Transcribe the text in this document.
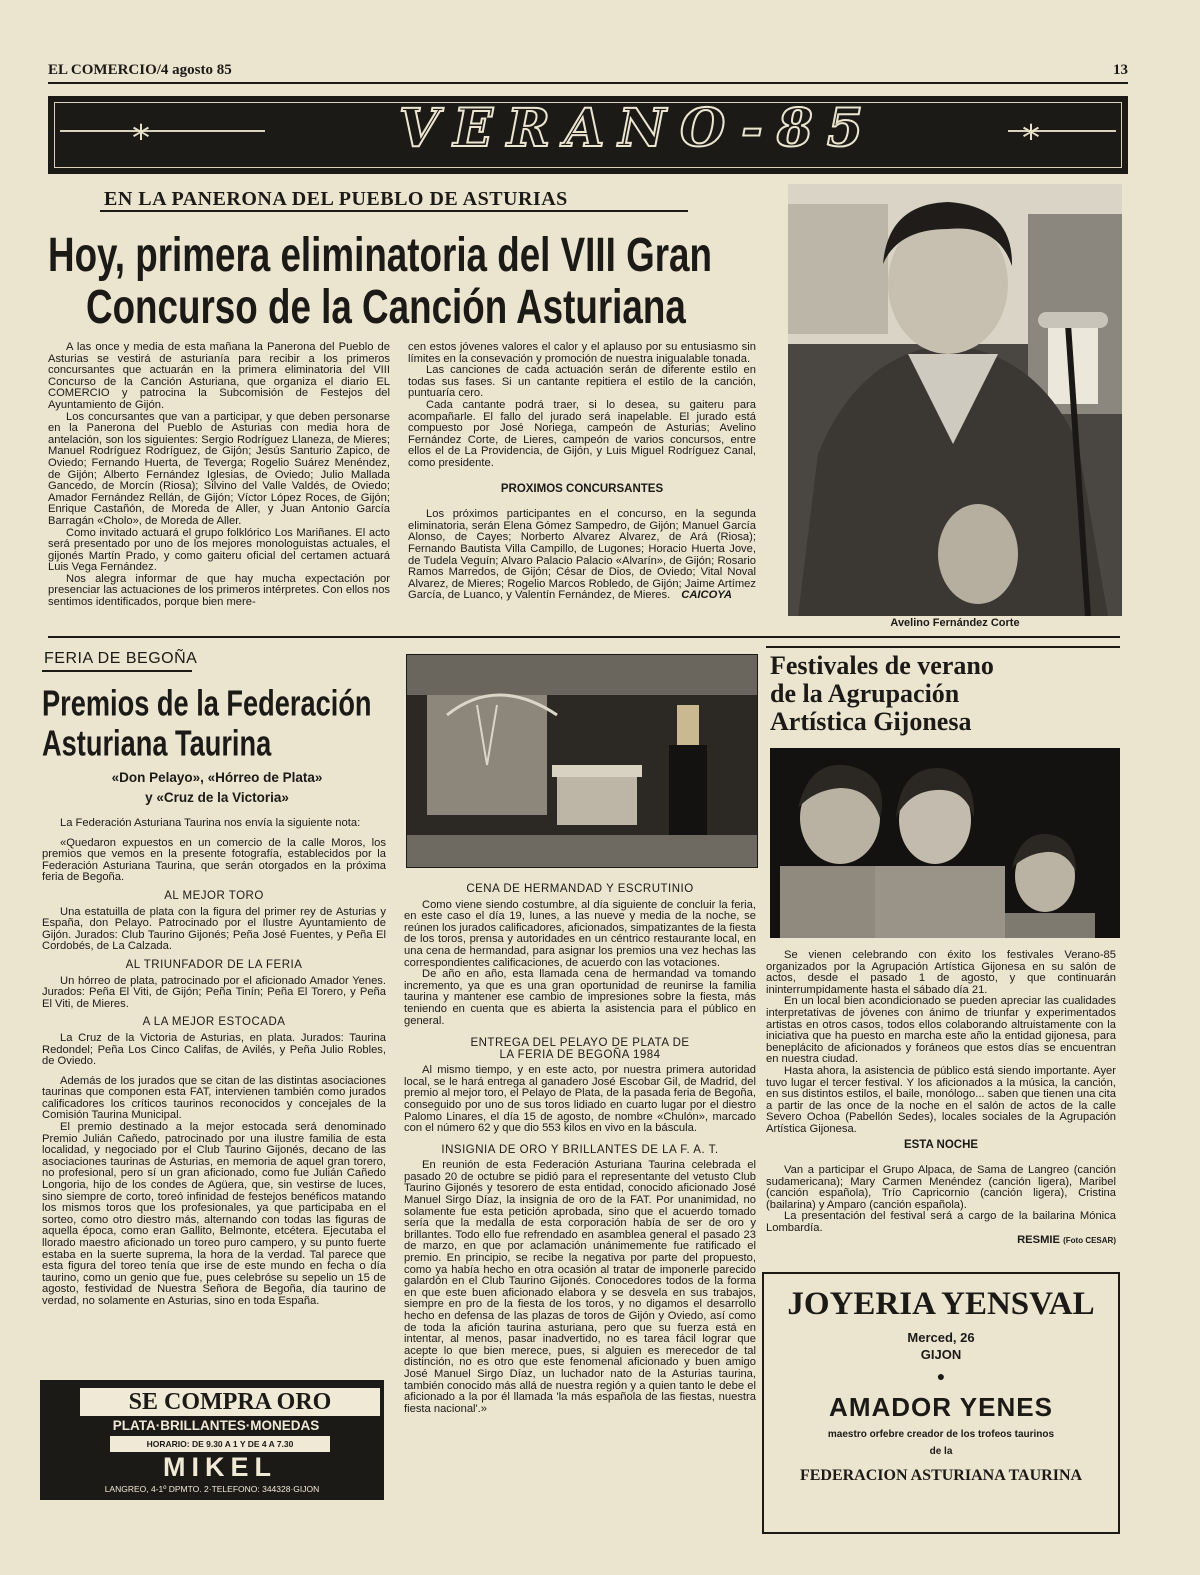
EL COMERCIO/4 agosto 85	13
*	*
VERANO-85
EN LA PANERONA DEL PUEBLO DE ASTURIAS
Hoy, primera eliminatoria del VIII Gran
Concurso de la Canción Asturiana

A las once y media de esta mañana la Panerona del Pueblo de Asturias se vestirá de asturianía para recibir a los primeros concursantes que actuarán en la primera eliminatoria del VIII Concurso de la Canción Asturiana, que organiza el diario EL COMERCIO y patrocina la Subcomisión de Festejos del Ayuntamiento de Gijón.

Los concursantes que van a participar, y que deben personarse en la Panerona del Pueblo de Asturias con media hora de antelación, son los siguientes: Sergio Rodríguez Llaneza, de Mieres; Manuel Rodríguez Rodríguez, de Gijón; Jesús Santurio Zapico, de Oviedo; Fernando Huerta, de Teverga; Rogelio Suárez Menéndez, de Gijón; Alberto Fernández Iglesias, de Oviedo; Julio Mallada Gancedo, de Morcín (Riosa); Silvino del Valle Valdés, de Oviedo; Amador Fernández Rellán, de Gijón; Víctor López Roces, de Gijón; Enrique Castañón, de Moreda de Aller, y Juan Antonio García Barragán «Cholo», de Moreda de Aller.

Como invitado actuará el grupo folklórico Los Mariñanes. El acto será presentado por uno de los mejores monologuistas actuales, el gijonés Martín Prado, y como gaiteru oficial del certamen actuará Luis Vega Fernández.

Nos alegra informar de que hay mucha expectación por presenciar las actuaciones de los primeros intérpretes. Con ellos nos sentimos identificados, porque bien mere-

cen estos jóvenes valores el calor y el aplauso por su entusiasmo sin límites en la consevación y promoción de nuestra inigualable tonada.

Las canciones de cada actuación serán de diferente estilo en todas sus fases. Si un cantante repitiera el estilo de la canción, puntuaría cero.

Cada cantante podrá traer, si lo desea, su gaiteru para acompañarle. El fallo del jurado será inapelable. El jurado está compuesto por José Noriega, campeón de Asturias; Avelino Fernández Corte, de Lieres, campeón de varios concursos, entre ellos el de La Providencia, de Gijón, y Luis Miguel Rodríguez Canal, como presidente.

PROXIMOS CONCURSANTES

Los próximos participantes en el concurso, en la segunda eliminatoria, serán Elena Gómez Sampedro, de Gijón; Manuel García Alonso, de Cayes; Norberto Alvarez Alvarez, de Ará (Riosa); Fernando Bautista Villa Campillo, de Lugones; Horacio Huerta Jove, de Tudela Veguín; Alvaro Palacio Palacio «Alvarín», de Gijón; Rosario Ramos Marredos, de Gijón; César de Dios, de Oviedo; Vital Noval Alvarez, de Mieres; Rogelio Marcos Robledo, de Gijón; Jaime Artímez García, de Luanco, y Valentín Fernández, de Mieres. CAICOYA
Avelino Fernández Corte
FERIA DE BEGOÑA
Premios de la Federación
Asturiana Taurina
«Don Pelayo», «Hórreo de Plata»
y «Cruz de la Victoria»

La Federación Asturiana Taurina nos envía la siguiente nota:

«Quedaron expuestos en un comercio de la calle Moros, los premios que vemos en la presente fotografía, establecidos por la Federación Asturiana Taurina, que serán otorgados en la próxima feria de Begoña.

AL MEJOR TORO

Una estatuilla de plata con la figura del primer rey de Asturias y España, don Pelayo. Patrocinado por el Ilustre Ayuntamiento de Gijón. Jurados: Club Taurino Gijonés; Peña José Fuentes, y Peña El Cordobés, de La Calzada.

AL TRIUNFADOR DE LA FERIA

Un hórreo de plata, patrocinado por el aficionado Amador Yenes. Jurados: Peña El Viti, de Gijón; Peña Tinín; Peña El Torero, y Peña El Viti, de Mieres.

A LA MEJOR ESTOCADA

La Cruz de la Victoria de Asturias, en plata. Jurados: Taurina Redondel; Peña Los Cinco Califas, de Avilés, y Peña Julio Robles, de Oviedo.

Además de los jurados que se citan de las distintas asociaciones taurinas que componen esta FAT, intervienen también como jurados calificadores los críticos taurinos reconocidos y concejales de la Comisión Taurina Municipal.

El premio destinado a la mejor estocada será denominado Premio Julián Cañedo, patrocinado por una ilustre familia de esta localidad, y negociado por el Club Taurino Gijonés, decano de las asociaciones taurinas de Asturias, en memoria de aquel gran torero, no profesional, pero sí un gran aficionado, como fue Julián Cañedo Longoria, hijo de los condes de Agüera, que, sin vestirse de luces, sino siempre de corto, toreó infinidad de festejos benéficos matando los mismos toros que los profesionales, ya que participaba en el sorteo, como otro diestro más, alternando con todas las figuras de aquella época, como eran Gallito, Belmonte, etcétera. Ejecutaba el llorado maestro aficionado un toreo puro campero, y su punto fuerte estaba en la suerte suprema, la hora de la verdad. Tal parece que esta figura del toreo tenía que irse de este mundo en fecha o día taurino, como un genio que fue, pues celebróse su sepelio un 15 de agosto, festividad de Nuestra Señora de Begoña, día taurino de verdad, no solamente en Asturias, sino en toda España.

SE COMPRA ORO
PLATA·BRILLANTES·MONEDAS
HORARIO: DE 9.30 A 1 Y DE 4 A 7.30
MIKEL
LANGREO, 4-1º DPMTO. 2·TELEFONO: 344328·GIJON
CENA DE HERMANDAD Y ESCRUTINIO

Como viene siendo costumbre, al día siguiente de concluir la feria, en este caso el día 19, lunes, a las nueve y media de la noche, se reúnen los jurados calificadores, aficionados, simpatizantes de la fiesta de los toros, prensa y autoridades en un céntrico restaurante local, en una cena de hermandad, para asignar los premios una vez hechas las correspondientes calificaciones, de acuerdo con las votaciones.

De año en año, esta llamada cena de hermandad va tomando incremento, ya que es una gran oportunidad de reunirse la familia taurina y mantener ese cambio de impresiones sobre la fiesta, más teniendo en cuenta que es abierta la asistencia para el público en general.

ENTREGA DEL PELAYO DE PLATA DE
LA FERIA DE BEGOÑA 1984

Al mismo tiempo, y en este acto, por nuestra primera autoridad local, se le hará entrega al ganadero José Escobar Gil, de Madrid, del premio al mejor toro, el Pelayo de Plata, de la pasada feria de Begoña, conseguido por uno de sus toros lidiado en cuarto lugar por el diestro Palomo Linares, el día 15 de agosto, de nombre «Chulón», marcado con el número 62 y que dio 553 kilos en vivo en la báscula.

INSIGNIA DE ORO Y BRILLANTES DE LA F. A. T.

En reunión de esta Federación Asturiana Taurina celebrada el pasado 20 de octubre se pidió para el representante del vetusto Club Taurino Gijonés y tesorero de esta entidad, conocido aficionado José Manuel Sirgo Díaz, la insignia de oro de la FAT. Por unanimidad, no solamente fue esta petición aprobada, sino que el acuerdo tomado sería que la medalla de esta corporación había de ser de oro y brillantes. Todo ello fue refrendado en asamblea general el pasado 23 de marzo, en que por aclamación unánimemente fue ratificado el premio. En principio, se recibe la negativa por parte del propuesto, como ya había hecho en otra ocasión al tratar de imponerle parecido galardón en el Club Taurino Gijonés. Conocedores todos de la forma en que este buen aficionado elabora y se desvela en sus trabajos, siempre en pro de la fiesta de los toros, y no digamos el desarrollo hecho en defensa de las plazas de toros de Gijón y Oviedo, así como de toda la afición taurina asturiana, pero que su fuerza está en intentar, al menos, pasar inadvertido, no es tarea fácil lograr que acepte lo que bien merece, pues, si alguien es merecedor de tal distinción, no es otro que este fenomenal aficionado y buen amigo José Manuel Sirgo Díaz, un luchador nato de la Asturias taurina, también conocido más allá de nuestra región y a quien tanto le debe el aficionado a la por él llamada 'la más española de las fiestas, nuestra fiesta nacional'.»

Festivales de verano
de la Agrupación
Artística Gijonesa

Se vienen celebrando con éxito los festivales Verano-85 organizados por la Agrupación Artística Gijonesa en su salón de actos, desde el pasado 1 de agosto, y que continuarán ininterrumpidamente hasta el sábado día 21.

En un local bien acondicionado se pueden apreciar las cualidades interpretativas de jóvenes con ánimo de triunfar y experimentados artistas en otros casos, todos ellos colaborando altruistamente con la iniciativa que ha puesto en marcha este año la entidad gijonesa, para beneplácito de aficionados y foráneos que estos días se encuentran en nuestra ciudad.

Hasta ahora, la asistencia de público está siendo importante. Ayer tuvo lugar el tercer festival. Y los aficionados a la música, la canción, en sus distintos estilos, el baile, monólogo... saben que tienen una cita a partir de las once de la noche en el salón de actos de la calle Severo Ochoa (Pabellón Sedes), locales sociales de la Agrupación Artística Gijonesa.

ESTA NOCHE

Van a participar el Grupo Alpaca, de Sama de Langreo (canción sudamericana); Mary Carmen Menéndez (canción ligera), Maribel (canción española), Trío Capricornio (canción ligera), Cristina (bailarina) y Amparo (canción española).

La presentación del festival será a cargo de la bailarina Mónica Lombardía.

RESMIE (Foto CESAR)
JOYERIA YENSVAL
Merced, 26
GIJON
●
AMADOR YENES
maestro orfebre creador de los trofeos taurinos
de la
FEDERACION ASTURIANA TAURINA
